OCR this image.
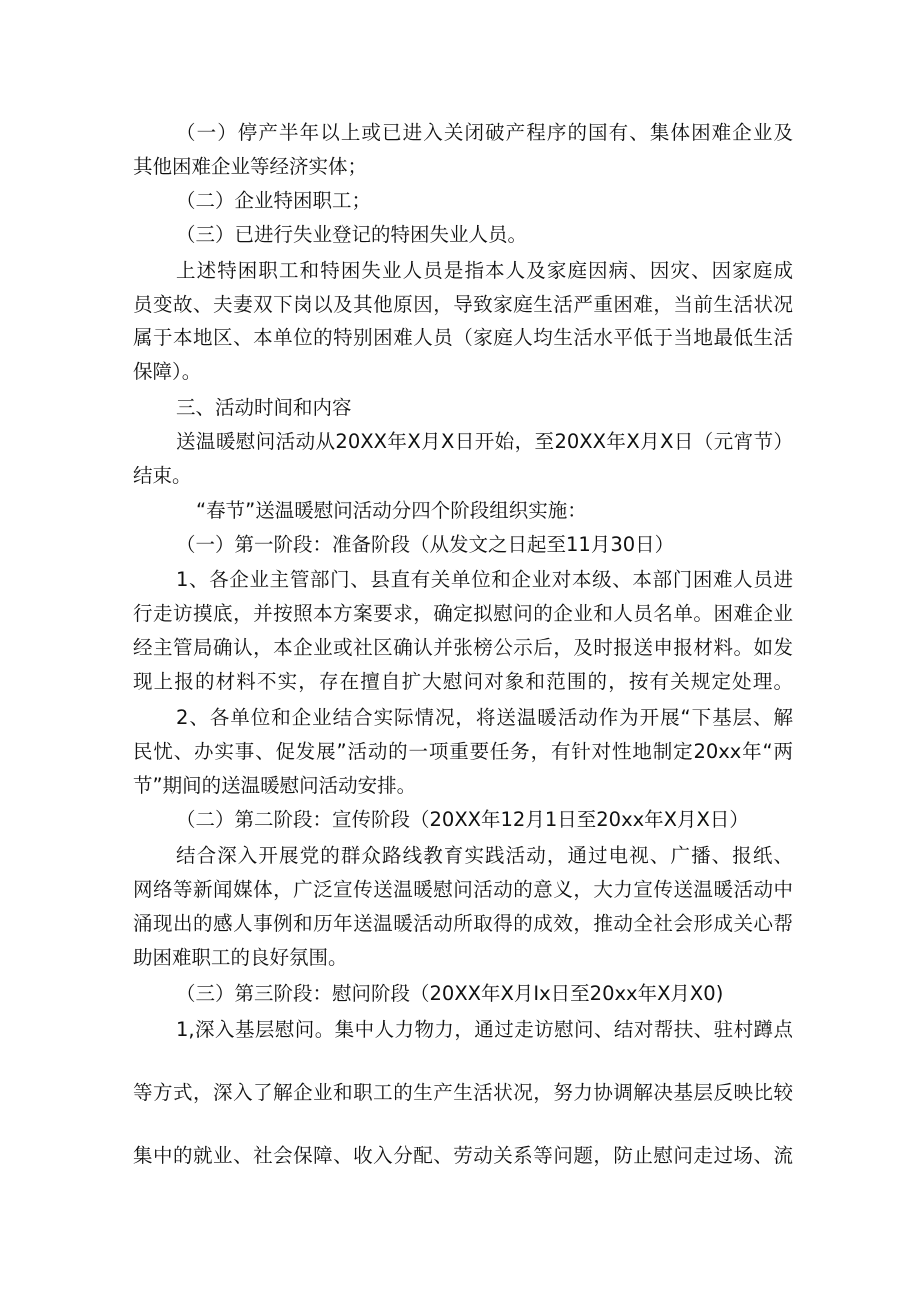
（一）停产半年以上或已进入关闭破产程序的国有、集体困难企业及
其他困难企业等经济实体；
（二）企业特困职工；
（三）已进行失业登记的特困失业人员。
上述特困职工和特困失业人员是指本人及家庭因病、因灾、因家庭成
员变故、夫妻双下岗以及其他原因，导致家庭生活严重困难，当前生活状况
属于本地区、本单位的特别困难人员（家庭人均生活水平低于当地最低生活
保障）。
三、活动时间和内容
送温暖慰问活动从20XX年X月X日开始，至20XX年X月X日（元宵节）
结束。
“春节”送温暖慰问活动分四个阶段组织实施：
（一）第一阶段：准备阶段（从发文之日起至11月30日）
1、各企业主管部门、县直有关单位和企业对本级、本部门困难人员进
行走访摸底，并按照本方案要求，确定拟慰问的企业和人员名单。困难企业
经主管局确认，本企业或社区确认并张榜公示后，及时报送申报材料。如发
现上报的材料不实，存在擅自扩大慰问对象和范围的，按有关规定处理。
2、各单位和企业结合实际情况，将送温暖活动作为开展“下基层、解
民忧、办实事、促发展”活动的一项重要任务，有针对性地制定20xx年“两
节”期间的送温暖慰问活动安排。
（二）第二阶段：宣传阶段（20XX年12月1日至20xx年X月X日）
结合深入开展党的群众路线教育实践活动，通过电视、广播、报纸、
网络等新闻媒体，广泛宣传送温暖慰问活动的意义，大力宣传送温暖活动中
涌现出的感人事例和历年送温暖活动所取得的成效，推动全社会形成关心帮
助困难职工的良好氛围。
（三）第三阶段：慰问阶段（20XX年X月Ix日至20xx年X月X0)
1,深入基层慰问。集中人力物力，通过走访慰问、结对帮扶、驻村蹲点
等方式，深入了解企业和职工的生产生活状况，努力协调解决基层反映比较
集中的就业、社会保障、收入分配、劳动关系等问题，防止慰问走过场、流
